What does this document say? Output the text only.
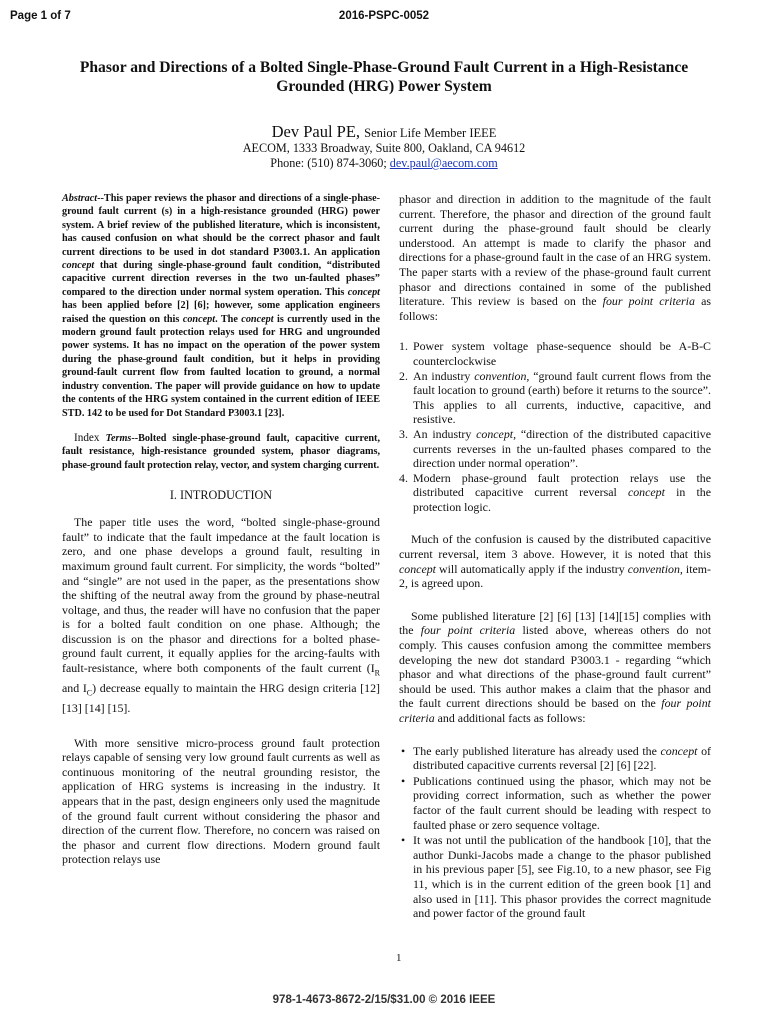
Page 1 of 7	2016-PSPC-0052
Phasor and Directions of a Bolted Single-Phase-Ground Fault Current in a High-Resistance Grounded (HRG) Power System
Dev Paul PE, Senior Life Member IEEE
AECOM, 1333 Broadway, Suite 800, Oakland, CA 94612
Phone: (510) 874-3060; dev.paul@aecom.com

Abstract--This paper reviews the phasor and directions of a single-phase-ground fault current (s) in a high-resistance grounded (HRG) power system. A brief review of the published literature, which is inconsistent, has caused confusion on what should be the correct phasor and fault current directions to be used in dot standard P3003.1. An application concept that during single-phase-ground fault condition, “distributed capacitive current direction reverses in the two un-faulted phases” compared to the direction under normal system operation. This concept has been applied before [2] [6]; however, some application engineers raised the question on this concept. The concept is currently used in the modern ground fault protection relays used for HRG and ungrounded power systems. It has no impact on the operation of the power system during the phase-ground fault condition, but it helps in providing ground-fault current flow from faulted location to ground, a normal industry convention. The paper will provide guidance on how to update the contents of the HRG system contained in the current edition of IEEE STD. 142 to be used for Dot Standard P3003.1 [23].

Index Terms--Bolted single-phase-ground fault, capacitive current, fault resistance, high-resistance grounded system, phasor diagrams, phase-ground fault protection relay, vector, and system charging current.

I. INTRODUCTION

The paper title uses the word, “bolted single-phase-ground fault” to indicate that the fault impedance at the fault location is zero, and one phase develops a ground fault, resulting in maximum ground fault current. For simplicity, the words “bolted” and “single” are not used in the paper, as the presentations show the shifting of the neutral away from the ground by phase-neutral voltage, and thus, the reader will have no confusion that the paper is for a bolted fault condition on one phase. Although; the discussion is on the phasor and directions for a bolted phase-ground fault current, it equally applies for the arcing-faults with fault-resistance, where both components of the fault current ($I_R$ and $I_C$) decrease equally to maintain the HRG design criteria [12] [13] [14] [15].

With more sensitive micro-process ground fault protection relays capable of sensing very low ground fault currents as well as continuous monitoring of the neutral grounding resistor, the application of HRG systems is increasing in the industry. It appears that in the past, design engineers only used the magnitude of the ground fault current without considering the phasor and direction of the current flow. Therefore, no concern was raised on the phasor and current flow directions. Modern ground fault protection relays use

phasor and direction in addition to the magnitude of the fault current. Therefore, the phasor and direction of the ground fault current during the phase-ground fault should be clearly understood. An attempt is made to clarify the phasor and directions for a phase-ground fault in the case of an HRG system. The paper starts with a review of the phase-ground fault current phasor and directions contained in some of the published literature. This review is based on the four point criteria as follows:

1. Power system voltage phase-sequence should be A-B-C counterclockwise
2. An industry convention, “ground fault current flows from the fault location to ground (earth) before it returns to the source”. This applies to all currents, inductive, capacitive, and resistive.
3. An industry concept, “direction of the distributed capacitive currents reverses in the un-faulted phases compared to the direction under normal operation”.
4. Modern phase-ground fault protection relays use the distributed capacitive current reversal concept in the protection logic.

Much of the confusion is caused by the distributed capacitive current reversal, item 3 above. However, it is noted that this concept will automatically apply if the industry convention, item-2, is agreed upon.

Some published literature [2] [6] [13] [14][15] complies with the four point criteria listed above, whereas others do not comply. This causes confusion among the committee members developing the new dot standard P3003.1 - regarding “which phasor and what directions of the phase-ground fault current” should be used. This author makes a claim that the phasor and the fault current directions should be based on the four point criteria and additional facts as follows:

• The early published literature has already used the concept of distributed capacitive currents reversal [2] [6] [22].
• Publications continued using the phasor, which may not be providing correct information, such as whether the power factor of the fault current should be leading with respect to faulted phase or zero sequence voltage.
• It was not until the publication of the handbook [10], that the author Dunki-Jacobs made a change to the phasor published in his previous paper [5], see Fig.10, to a new phasor, see Fig 11, which is in the current edition of the green book [1] and also used in [11]. This phasor provides the correct magnitude and power factor of the ground fault
1
978-1-4673-8672-2/15/$31.00 © 2016 IEEE
